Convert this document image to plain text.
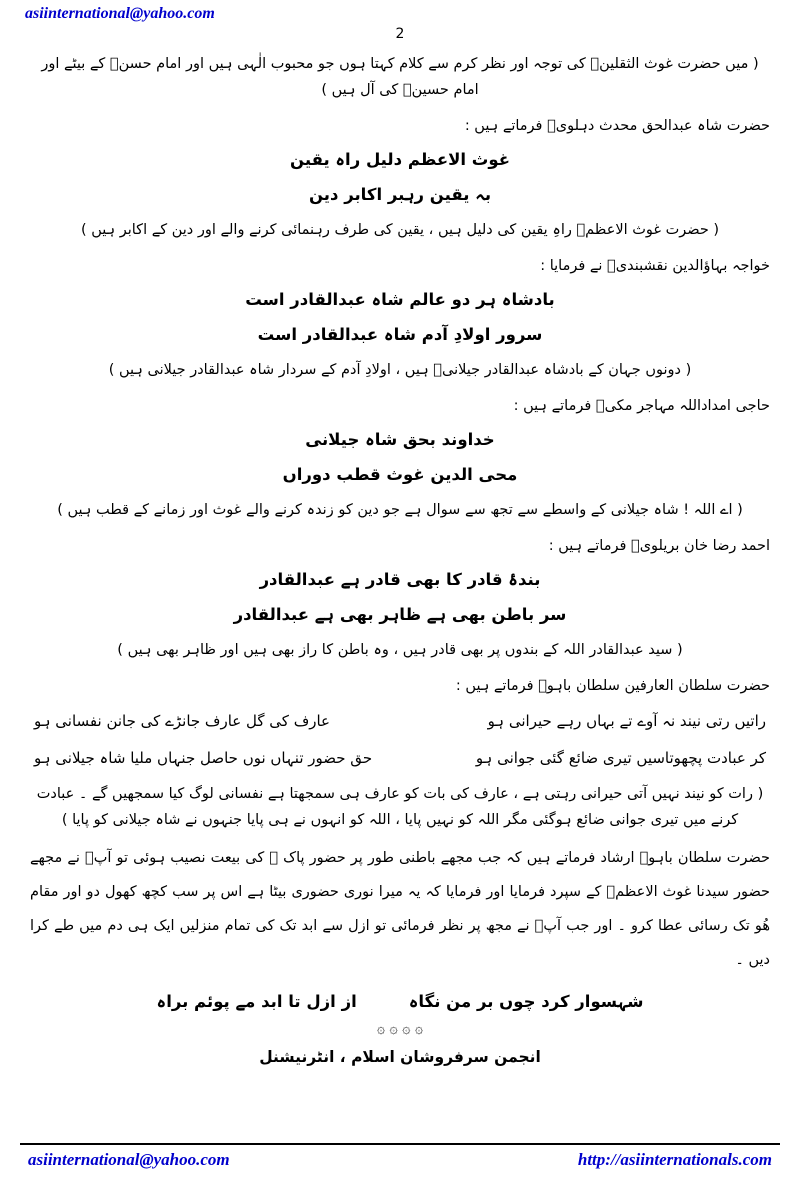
asiinternational@yahoo.com
2
( میں حضرت غوث الثقلینؓ کی توجہ اور نظر کرم سے کلام کہتا ہوں جو محبوب الٰہی ہیں اور امام حسنؑ کے بیٹے اور امام حسینؑ کی آل ہیں )
حضرت شاہ عبدالحق محدث دہلویؒ فرماتے ہیں :
غوث الاعظم دلیل راہ یقین
بہ یقین رہبر اکابر دین
( حضرت غوث الاعظمؒ راہِ یقین کی دلیل ہیں ، یقین کی طرف رہنمائی کرنے والے اور دین کے اکابر ہیں )
خواجہ بہاؤالدین نقشبندیؒ نے فرمایا :
بادشاہ ہر دو عالم شاہ عبدالقادر است
سرور اولادِ آدم شاہ عبدالقادر است
( دونوں جہان کے بادشاہ عبدالقادر جیلانیؒ ہیں ، اولادِ آدم کے سردار شاہ عبدالقادر جیلانی ہیں )
حاجی امداداللہ مہاجر مکیؒ فرماتے ہیں :
خداوند بحق شاہ جیلانی
محی الدین غوث قطب دوراں
( اے اللہ ! شاہ جیلانی کے واسطے سے تجھ سے سوال ہے جو دین کو زندہ کرنے والے غوث اور زمانے کے قطب ہیں )
احمد رضا خان بریلویؒ فرماتے ہیں :
بندۂ قادر کا بھی قادر ہے عبدالقادر
سر باطن بھی ہے ظاہر بھی ہے عبدالقادر
( سید عبدالقادر اللہ کے بندوں پر بھی قادر ہیں ، وہ باطن کا راز بھی ہیں اور ظاہر بھی ہیں )
حضرت سلطان العارفین سلطان باہوؒ فرماتے ہیں :
راتیں رتی نیند نہ آوے تے بہاں رہے حیرانی ہو
عارف کی گل عارف جانڑے کی جانن نفسانی ہو
کر عبادت پچھوتاسیں تیری ضائع گئی جوانی ہو
حق حضور تنہاں نوں حاصل جنہاں ملیا شاہ جیلانی ہو
( رات کو نیند نہیں آتی حیرانی رہتی ہے ، عارف کی بات کو عارف ہی سمجھتا ہے نفسانی لوگ کیا سمجھیں گے ۔ عبادت کرنے میں تیری جوانی ضائع ہوگئی مگر اللہ کو نہیں پایا ، اللہ کو انہوں نے ہی پایا جنہوں نے شاہ جیلانی کو پایا )
حضرت سلطان باہوؒ ارشاد فرماتے ہیں کہ جب مجھے باطنی طور پر حضور پاک ﷺ کی بیعت نصیب ہوئی تو آپؐ نے مجھے حضور سیدنا غوث الاعظمؓ کے سپرد فرمایا اور فرمایا کہ یہ میرا نوری حضوری بیٹا ہے اس پر سب کچھ کھول دو اور مقام ھُو تک رسائی عطا کرو ۔ اور جب آپؓ نے مجھ پر نظر فرمائی تو ازل سے ابد تک کی تمام منزلیں ایک ہی دم میں طے کرا دیں ۔
شہسوار کرد چوں بر من نگاہ
از ازل تا ابد مے پوئم براہ
۞ ۞ ۞ ۞
انجمن سرفروشان اسلام ، انٹرنیشنل
asiinternational@yahoo.com	http://asiinternationals.com
